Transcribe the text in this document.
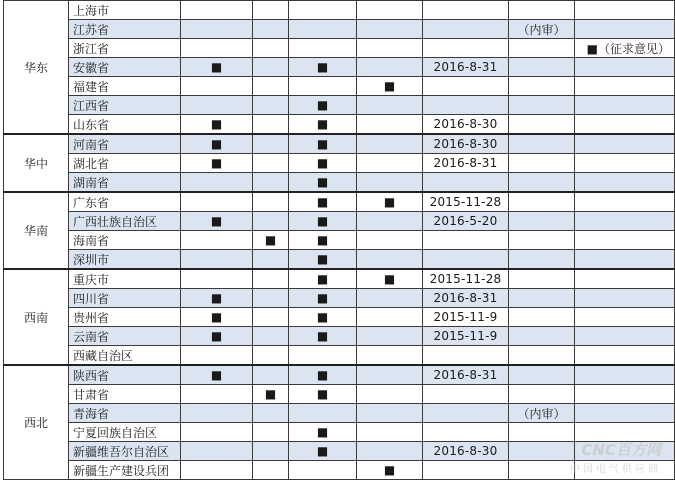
华东	上海市							
	江苏省						（内审）	
	浙江省							■（征求意见）
	安徽省	■		■		2016-8-31		
	福建省				■			
	江西省			■				
	山东省	■		■		2016-8-30		
华中	河南省	■		■		2016-8-30		
	湖北省	■		■		2016-8-31		
	湖南省			■				
华南	广东省			■	■	2015-11-28		
	广西壮族自治区	■		■		2016-5-20		
	海南省		■	■				
	深圳市			■				
西南	重庆市			■	■	2015-11-28		
	四川省	■		■		2016-8-31		
	贵州省	■		■		2015-11-9		
	云南省	■		■		2015-11-9		
	西藏自治区							
西北	陕西省	■		■		2016-8-31		
	甘肃省		■	■				
	青海省						（内审）	
	宁夏回族自治区			■				
	新疆维吾尔自治区			■		2016-8-30		
	新疆生产建设兵团				■			
CNC百方网
中国电气供应商
